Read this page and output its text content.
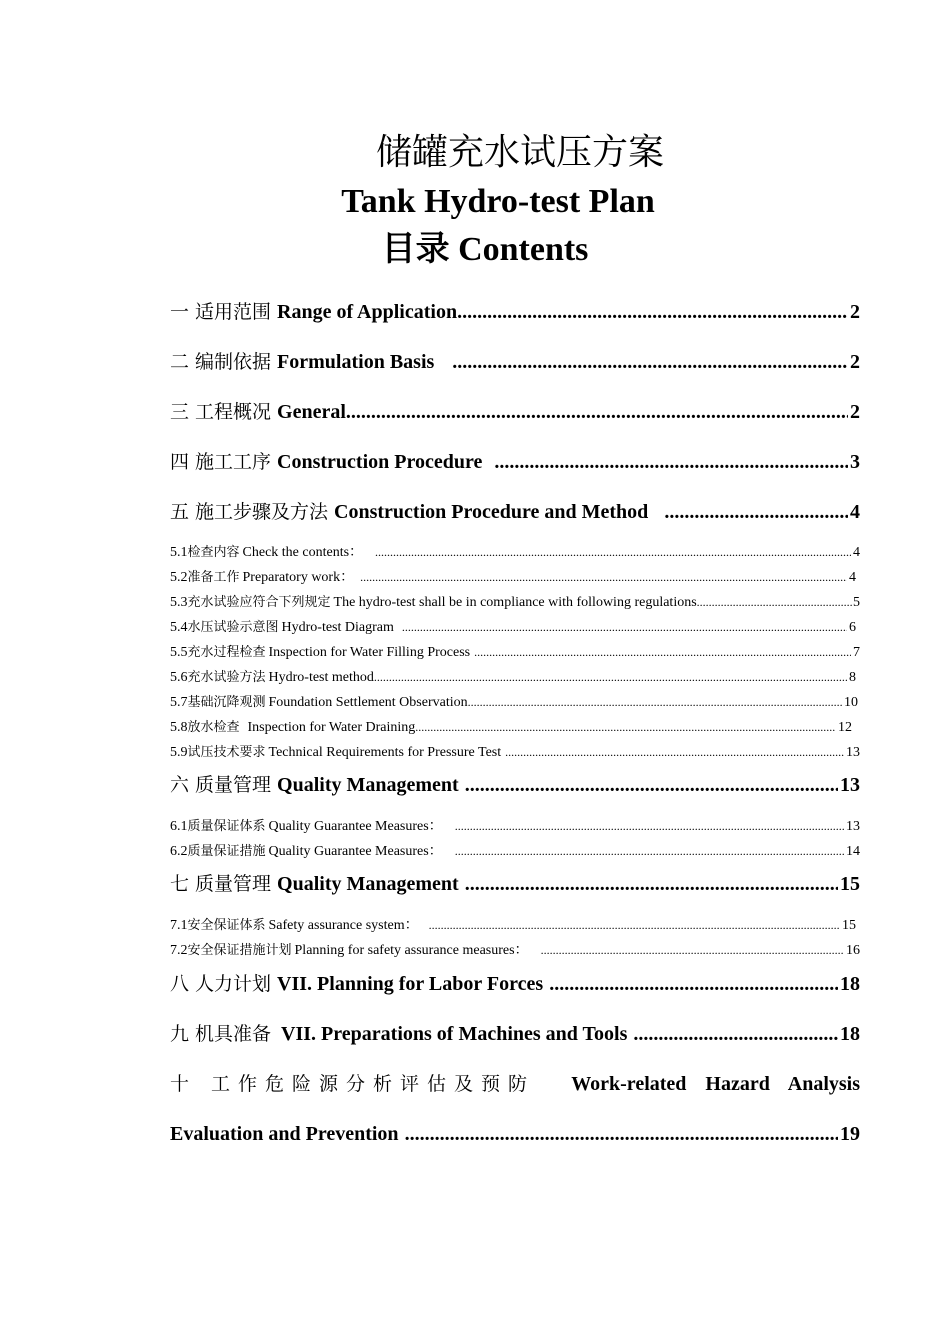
储罐充水试压方案
Tank Hydro-test Plan
目录 Contents
一 适用范围 Range of Application .....	2
二 编制依据 Formulation Basis .....	2
三 工程概况 General .....	2
四 施工工序 Construction Procedure .....	3
五 施工步骤及方法 Construction Procedure and Method .....	4
5.1 检查内容 Check the contents： .....	4
5.2 准备工作 Preparatory work： .....	4
5.3 充水试验应符合下列规定 The hydro-test shall be in compliance with following regulations .....	5
5.4 水压试验示意图 Hydro-test Diagram .....	6
5.5 充水过程检查 Inspection for Water Filling Process .....	7
5.6 充水试验方法 Hydro-test method .....	8
5.7 基础沉降观测 Foundation Settlement Observation .....	10
5.8 放水检查 Inspection for Water Draining .....	12
5.9 试压技术要求 Technical Requirements for Pressure Test .....	13
六 质量管理 Quality Management .....	13
6.1 质量保证体系 Quality Guarantee Measures： .....	13
6.2 质量保证措施 Quality Guarantee Measures： .....	14
七 质量管理 Quality Management .....	15
7.1 安全保证体系 Safety assurance system： .....	15
7.2 安全保证措施计划 Planning for safety assurance measures： .....	16
八 人力计划 VII. Planning for Labor Forces .....	18
九 机具准备 VII. Preparations of Machines and Tools .....	18
十 工作危险源分析评估及预防 Work-related Hazard Analysis
Evaluation and Prevention .....	19
